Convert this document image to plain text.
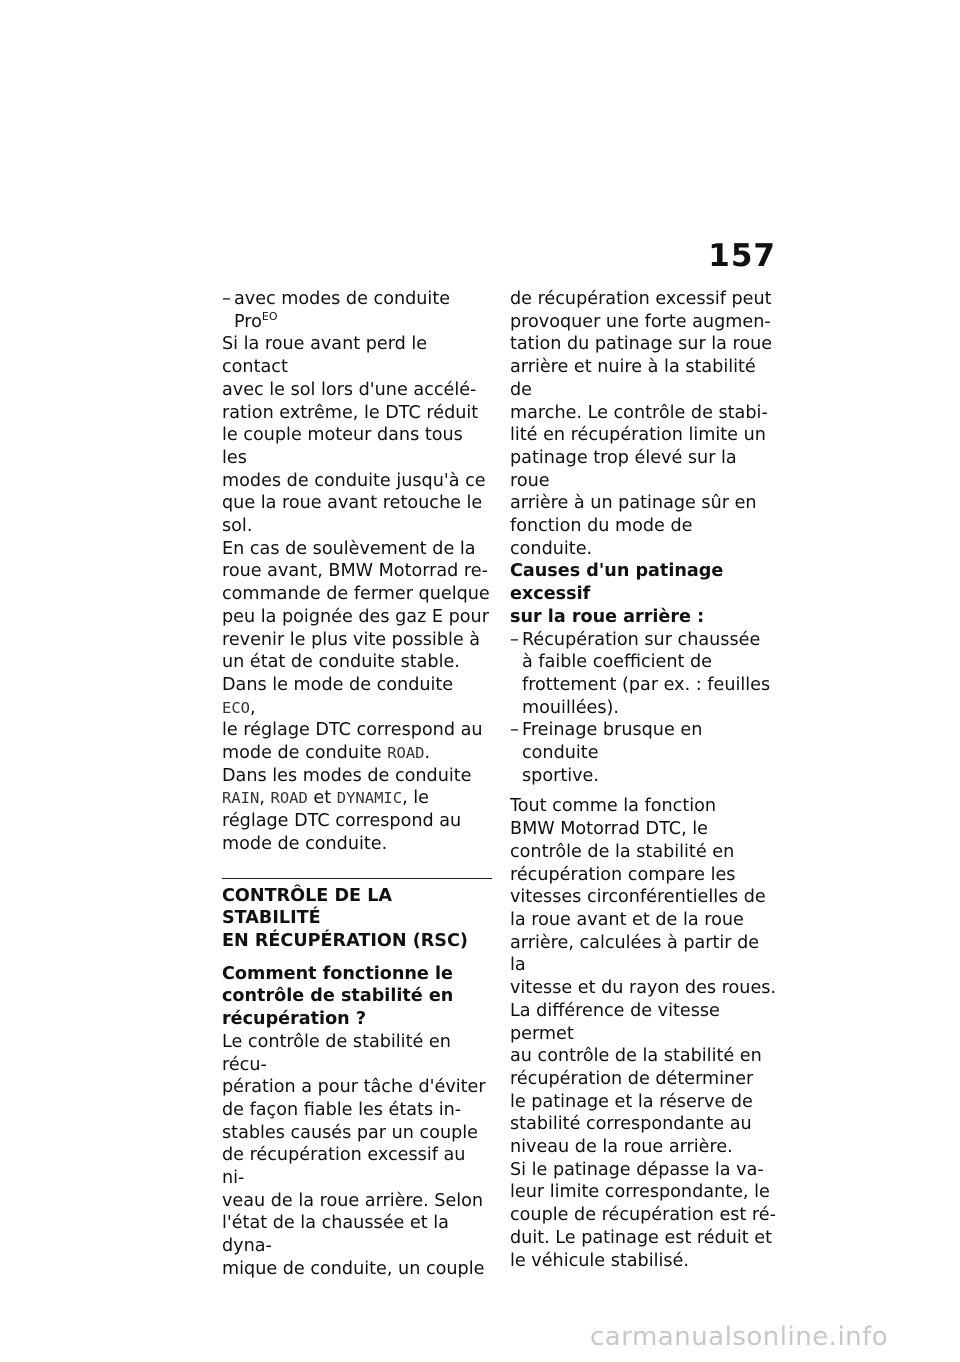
157
– avec modes de conduite
Pro$^{EO}$

Si la roue avant perd le contact
avec le sol lors d'une accélé-
ration extrême, le DTC réduit
le couple moteur dans tous les
modes de conduite jusqu'à ce
que la roue avant retouche le
sol.

En cas de soulèvement de la
roue avant, BMW Motorrad re-
commande de fermer quelque
peu la poignée des gaz E pour
revenir le plus vite possible à
un état de conduite stable.

Dans le mode de conduite ECO,
le réglage DTC correspond au
mode de conduite ROAD.

Dans les modes de conduite
RAIN, ROAD et DYNAMIC, le
réglage DTC correspond au
mode de conduite.

CONTRÔLE DE LA STABILITÉ
EN RÉCUPÉRATION (RSC)

Comment fonctionne le
contrôle de stabilité en
récupération ?

Le contrôle de stabilité en récu-
pération a pour tâche d'éviter
de façon fiable les états in-
stables causés par un couple
de récupération excessif au ni-
veau de la roue arrière. Selon
l'état de la chaussée et la dyna-
mique de conduite, un couple

de récupération excessif peut
provoquer une forte augmen-
tation du patinage sur la roue
arrière et nuire à la stabilité de
marche. Le contrôle de stabi-
lité en récupération limite un
patinage trop élevé sur la roue
arrière à un patinage sûr en
fonction du mode de conduite.

Causes d'un patinage excessif
sur la roue arrière :

– Récupération sur chaussée
à faible coefficient de
frottement (par ex. : feuilles
mouillées).
– Freinage brusque en conduite
sportive.

Tout comme la fonction
BMW Motorrad DTC, le
contrôle de la stabilité en
récupération compare les
vitesses circonférentielles de
la roue avant et de la roue
arrière, calculées à partir de la
vitesse et du rayon des roues.
La différence de vitesse permet
au contrôle de la stabilité en
récupération de déterminer
le patinage et la réserve de
stabilité correspondante au
niveau de la roue arrière.

Si le patinage dépasse la va-
leur limite correspondante, le
couple de récupération est ré-
duit. Le patinage est réduit et
le véhicule stabilisé.

carmanualsonline.info
